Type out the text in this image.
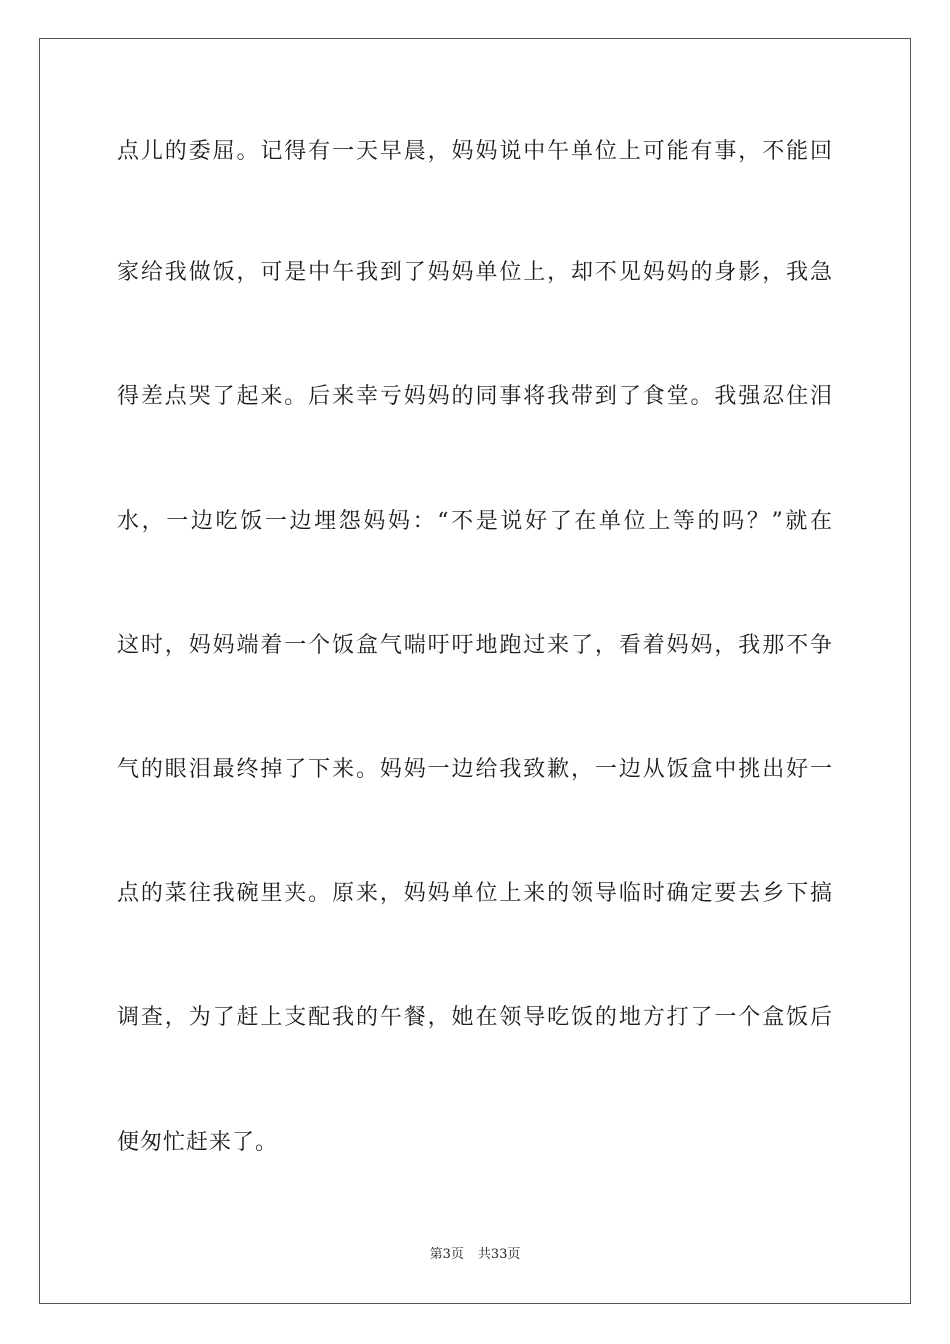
点儿的委屈。记得有一天早晨，妈妈说中午单位上可能有事，不能回
家给我做饭，可是中午我到了妈妈单位上，却不见妈妈的身影，我急
得差点哭了起来。后来幸亏妈妈的同事将我带到了食堂。我强忍住泪
水，一边吃饭一边埋怨妈妈：“不是说好了在单位上等的吗？”就在
这时，妈妈端着一个饭盒气喘吁吁地跑过来了，看着妈妈，我那不争
气的眼泪最终掉了下来。妈妈一边给我致歉，一边从饭盒中挑出好一
点的菜往我碗里夹。原来，妈妈单位上来的领导临时确定要去乡下搞
调查，为了赶上支配我的午餐，她在领导吃饭的地方打了一个盒饭后
便匆忙赶来了。
第3页 共33页
